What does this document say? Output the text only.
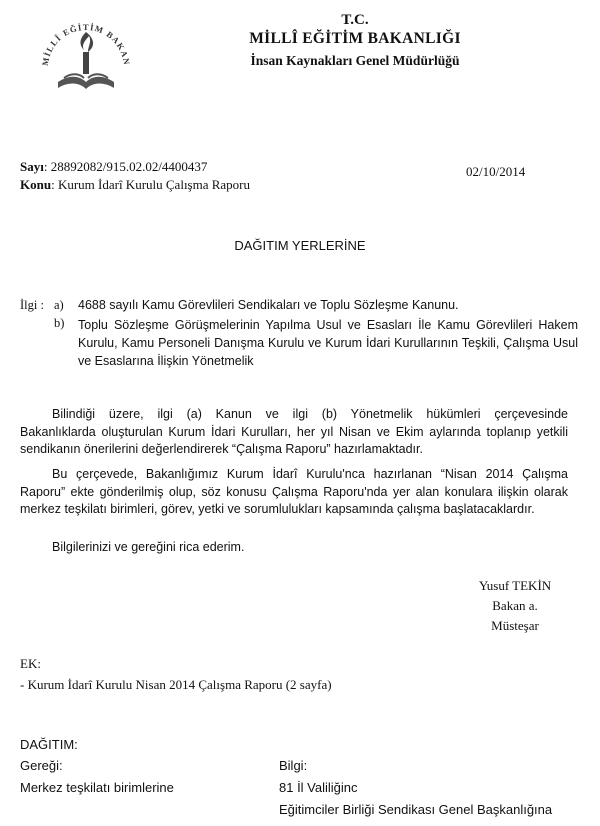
MİLLÎ EĞİTİM BAKAN
T.C.
MİLLÎ EĞİTİM BAKANLIĞI
İnsan Kaynakları Genel Müdürlüğü
Sayı: 28892082/915.02.02/4400437
Konu: Kurum İdarî Kurulu Çalışma Raporu
02/10/2014
DAĞITIM YERLERİNE
İlgi : a)	4688 sayılı Kamu Görevlileri Sendikaları ve Toplu Sözleşme Kanunu.
b)	Toplu Sözleşme Görüşmelerinin Yapılma Usul ve Esasları İle Kamu Görevlileri Hakem Kurulu, Kamu Personeli Danışma Kurulu ve Kurum İdari Kurullarının Teşkili, Çalışma Usul ve Esaslarına İlişkin Yönetmelik
Bilindiği üzere, ilgi (a) Kanun ve ilgi (b) Yönetmelik hükümleri çerçevesinde
Bakanlıklarda oluşturulan Kurum İdari Kurulları, her yıl Nisan ve Ekim aylarında toplanıp yetkili sendikanın önerilerini değerlendirerek “Çalışma Raporu” hazırlamaktadır.
Bu çerçevede, Bakanlığımız Kurum İdarî Kurulu'nca hazırlanan “Nisan 2014 Çalışma
Raporu” ekte gönderilmiş olup, söz konusu Çalışma Raporu'nda yer alan konulara ilişkin olarak merkez teşkilatı birimleri, görev, yetki ve sorumlulukları kapsamında çalışma başlatacaklardır.
Bilgilerinizi ve gereğini rica ederim.
Yusuf TEKİN
Bakan a.
Müsteşar
EK:
- Kurum İdarî Kurulu Nisan 2014 Çalışma Raporu (2 sayfa)
DAĞITIM:
Gereği:
Merkez teşkilatı birimlerine
Bilgi:
81 İl Valiliğinc
Eğitimciler Birliği Sendikası Genel Başkanlığına
